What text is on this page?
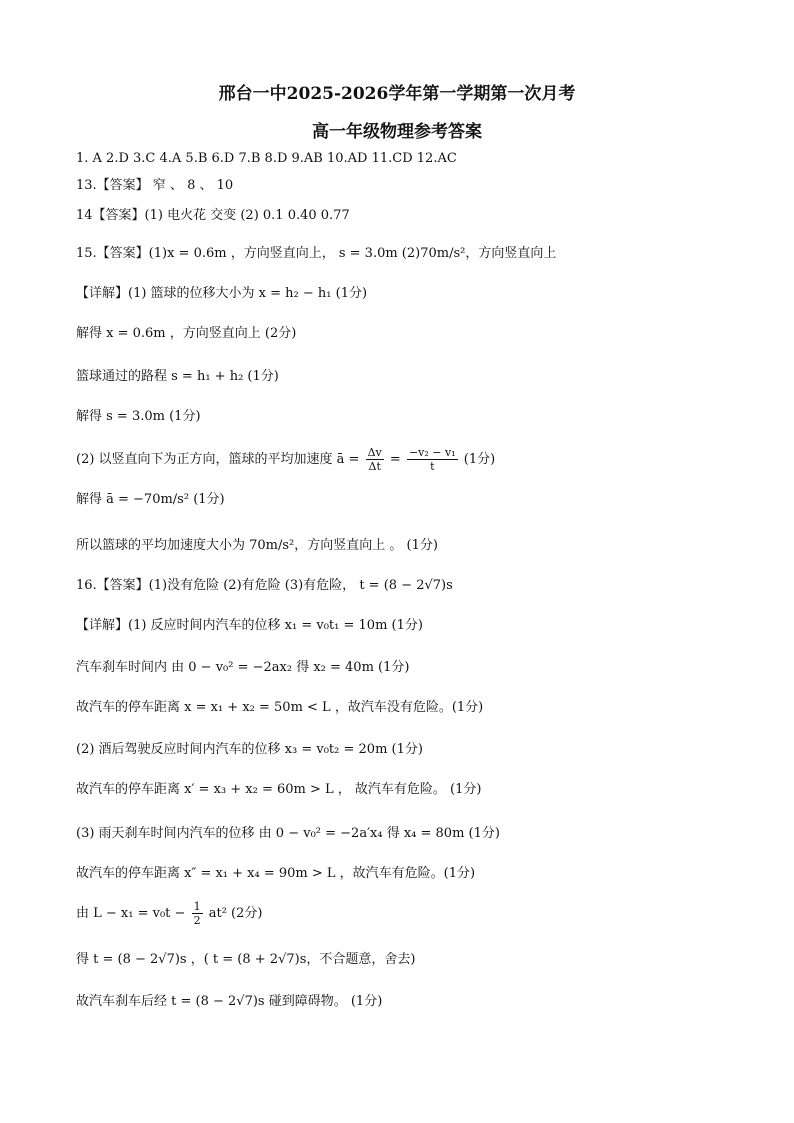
邢台一中2025-2026学年第一学期第一次月考
高一年级物理参考答案
1. A 2.D 3.C 4.A 5.B 6.D 7.B 8.D 9.AB 10.AD 11.CD 12.AC
13.【答案】 窄 、 8 、 10
14【答案】(1) 电火花 交变 (2) 0.1 0.40 0.77
15.【答案】(1)x = 0.6m ，方向竖直向上， s = 3.0m (2)70m/s²，方向竖直向上
【详解】(1) 篮球的位移大小为 x = h₂ − h₁ (1分)
解得 x = 0.6m ，方向竖直向上 (2分)
篮球通过的路程 s = h₁ + h₂ (1分)
解得 s = 3.0m (1分)
(2) 以竖直向下为正方向，篮球的平均加速度 ā = $\frac{\Delta v}{\Delta t} = \frac{\text{−v₂ − v₁}}{t} (1$分)
解得 ā = −70m/s² (1分)
所以篮球的平均加速度大小为 70m/s²，方向竖直向上 。 (1分)
16.【答案】(1)没有危险 (2)有危险 (3)有危险， t = (8 − 2√7)s
【详解】(1) 反应时间内汽车的位移 x₁ = v₀t₁ = 10m (1分)
汽车刹车时间内 由 0 − v₀² = −2ax₂ 得 x₂ = 40m (1分)
故汽车的停车距离 x = x₁ + x₂ = 50m < L ，故汽车没有危险。(1分)
(2) 酒后驾驶反应时间内汽车的位移 x₃ = v₀t₂ = 20m (1分)
故汽车的停车距离 x′ = x₃ + x₂ = 60m > L ， 故汽车有危险。 (1分)
(3) 雨天刹车时间内汽车的位移 由 0 − v₀² = −2a′x₄ 得 x₄ = 80m (1分)
故汽车的停车距离 x″ = x₁ + x₄ = 90m > L ，故汽车有危险。(1分)
由 $L - x_1 = v_0t - \frac{1}{2} at^2$ (2分)
得 t = (8 − 2√7)s ，( t = (8 + 2√7)s，不合题意，舍去)
故汽车刹车后经 t = (8 − 2√7)s 碰到障碍物。 (1分)
